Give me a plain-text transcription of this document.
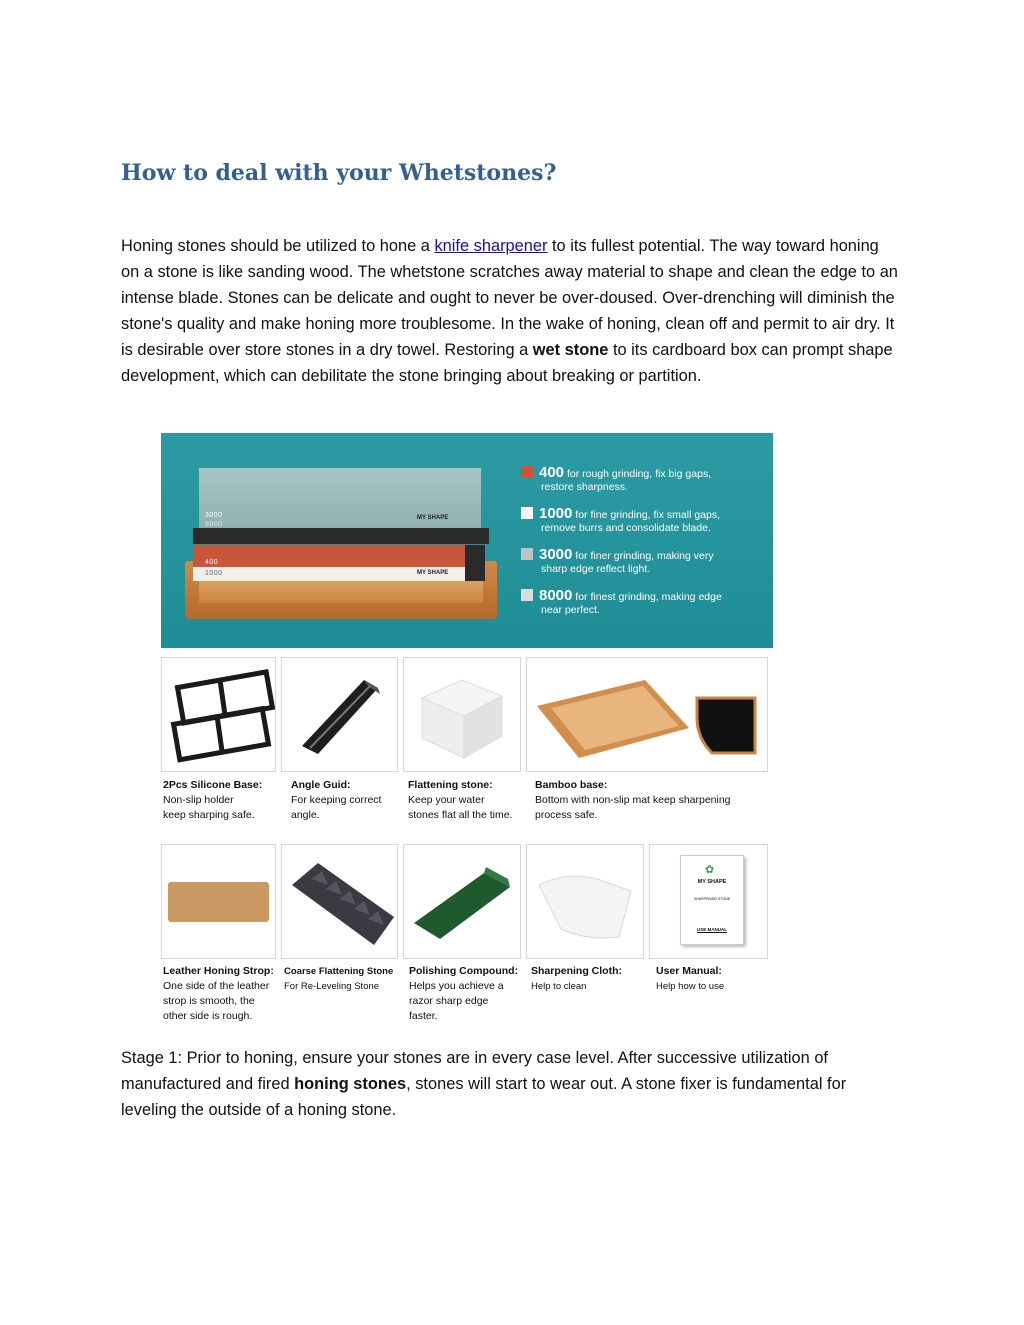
How to deal with your Whetstones?

Honing stones should be utilized to hone a knife sharpener to its fullest potential. The way toward honing on a stone is like sanding wood. The whetstone scratches away material to shape and clean the edge to an intense blade. Stones can be delicate and ought to never be over-doused. Over-drenching will diminish the stone's quality and make honing more troublesome. In the wake of honing, clean off and permit to air dry. It is desirable over store stones in a dry towel. Restoring a wet stone to its cardboard box can prompt shape development, which can debilitate the stone bringing about breaking or partition.

3000
8000
MY SHAPE
400
1000	MY SHAPE
400 for rough grinding, fix big gaps,
restore sharpness.
1000 for fine grinding, fix small gaps,
remove burrs and consolidate blade.
3000 for finer grinding, making very
sharp edge reflect light.
8000 for finest grinding, making edge
near perfect.
2Pcs Silicone Base:
Non-slip holder
keep sharping safe.
Angle Guid:
For keeping correct
angle.
Flattening stone:
Keep your water
stones flat all the time.
Bamboo base:
Bottom with non-slip mat keep sharpening
process safe.
✿
MY SHAPE
SHARPENING STONE
USE MANUAL
Leather Honing Strop:
One side of the leather
strop is smooth, the
other side is rough.
Coarse Flattening Stone
For Re-Leveling Stone
Polishing Compound:
Helps you achieve a
razor sharp edge
faster.
Sharpening Cloth:
Help to clean
User Manual:
Help how to use

Stage 1: Prior to honing, ensure your stones are in every case level. After successive utilization of manufactured and fired honing stones, stones will start to wear out. A stone fixer is fundamental for leveling the outside of a honing stone.
